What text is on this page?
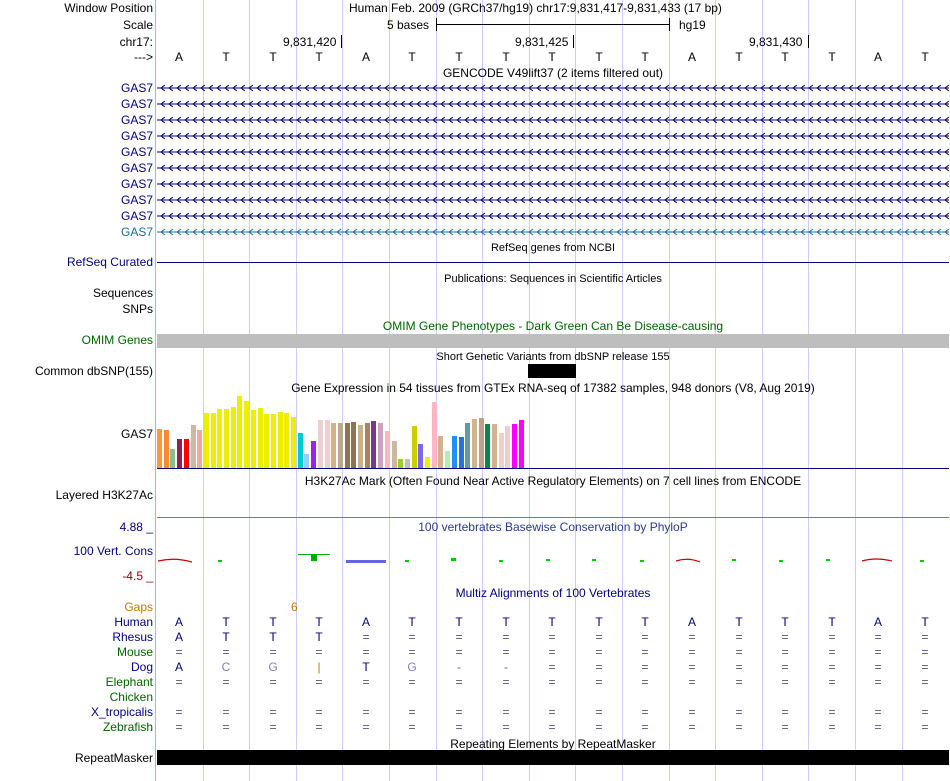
Window Position	Human Feb. 2009 (GRCh37/hg19) chr17:9,831,417-9,831,433 (17 bp)
Scale	5 bases	hg19
chr17:	9,831,420	9,831,425	9,831,430
--->	A	T	T	T	A	T	T	T	T	T	T	A	T	T	T	A	T
GENCODE V49lift37 (2 items filtered out)
GAS7
GAS7
GAS7
GAS7
GAS7
GAS7
GAS7
GAS7
GAS7
GAS7
RefSeq genes from NCBI
RefSeq Curated
Publications: Sequences in Scientific Articles
Sequences
SNPs
OMIM Gene Phenotypes - Dark Green Can Be Disease-causing
OMIM Genes
Short Genetic Variants from dbSNP release 155
Common dbSNP(155)
Gene Expression in 54 tissues from GTEx RNA-seq of 17382 samples, 948 donors (V8, Aug 2019)
GAS7
H3K27Ac Mark (Often Found Near Active Regulatory Elements) on 7 cell lines from ENCODE
Layered H3K27Ac
100 vertebrates Basewise Conservation by PhyloP
4.88 _
100 Vert. Cons
-4.5 _
Multiz Alignments of 100 Vertebrates
Gaps	6
Human	A	T	T	T	A	T	T	T	T	T	T	A	T	T	T	A	T
Rhesus	A	T	T	T	=	=	=	=	=	=	=	=	=	=	=	=	=
Mouse	=	=	=	=	=	=	=	=	=	=	=	=	=	=	=	=	=
Dog	A	C	G	|	T	G	-	-	=	=	=	=	=	=	=	=	=
Elephant	=	=	=	=	=	=	=	=	=	=	=	=	=	=	=	=	=
Chicken
X_tropicalis	=	=	=	=	=	=	=	=	=	=	=	=	=	=	=	=	=
Zebrafish	=	=	=	=	=	=	=	=	=	=	=	=	=	=	=	=	=
RepeatMasker
Repeating Elements by RepeatMasker
